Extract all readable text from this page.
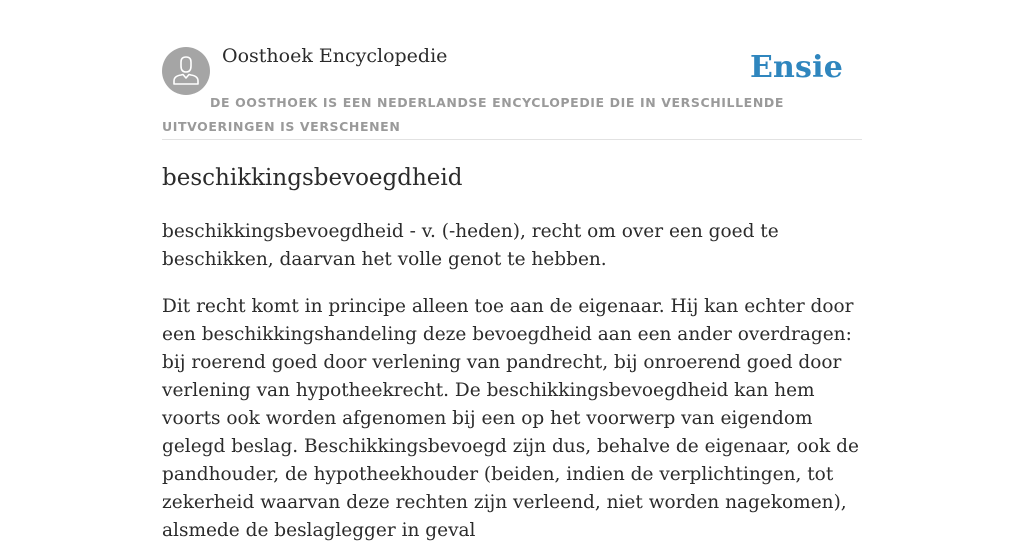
Oosthoek Encyclopedie	Ensie
DE OOSTHOEK IS EEN NEDERLANDSE ENCYCLOPEDIE DIE IN VERSCHILLENDE UITVOERINGEN IS VERSCHENEN
beschikkingsbevoegdheid

beschikkingsbevoegdheid - v. (-heden), recht om over een goed te beschikken, daarvan het volle genot te hebben.

Dit recht komt in principe alleen toe aan de eigenaar. Hij kan echter door een beschikkingshandeling deze bevoegdheid aan een ander overdragen: bij roerend goed door verlening van pandrecht, bij onroerend goed door verlening van hypotheekrecht. De beschikkingsbevoegdheid kan hem voorts ook worden afgenomen bij een op het voorwerp van eigendom gelegd beslag. Beschikkingsbevoegd zijn dus, behalve de eigenaar, ook de pandhouder, de hypotheekhouder (beiden, indien de verplichtingen, tot zekerheid waarvan deze rechten zijn verleend, niet worden nagekomen), alsmede de beslaglegger in geval
